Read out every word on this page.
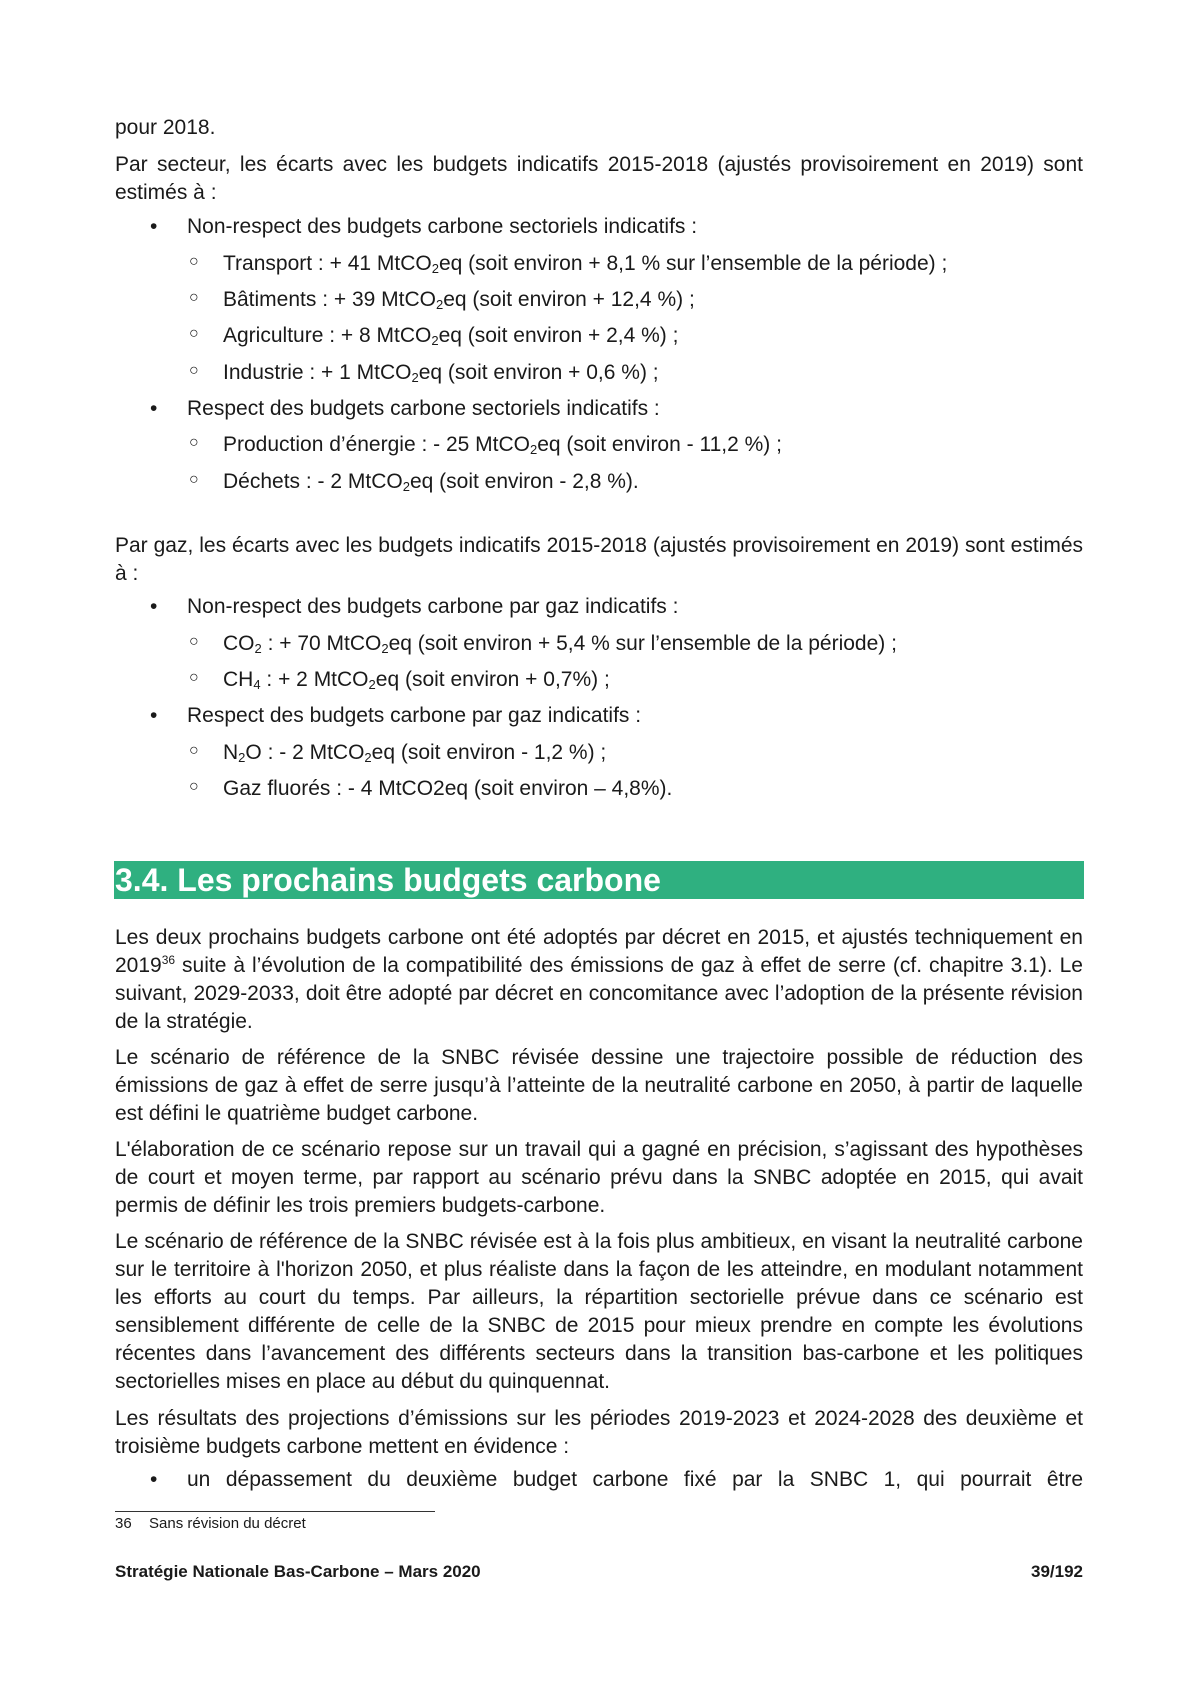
pour 2018.

Par secteur, les écarts avec les budgets indicatifs 2015-2018 (ajustés provisoirement en 2019) sont estimés à :

• Non-respect des budgets carbone sectoriels indicatifs :
○ Transport : + 41 MtCO$_2$eq (soit environ + 8,1 % sur l’ensemble de la période) ;
○ Bâtiments : + 39 MtCO$_2$eq (soit environ + 12,4 %) ;
○ Agriculture : + 8 MtCO$_2$eq (soit environ + 2,4 %) ;
○ Industrie : + 1 MtCO$_2$eq (soit environ + 0,6 %) ;
• Respect des budgets carbone sectoriels indicatifs :
○ Production d’énergie : - 25 MtCO$_2$eq (soit environ - 11,2 %) ;
○ Déchets : - 2 MtCO$_2$eq (soit environ - 2,8 %).

Par gaz, les écarts avec les budgets indicatifs 2015-2018 (ajustés provisoirement en 2019) sont estimés à :

• Non-respect des budgets carbone par gaz indicatifs :
○ $CO_2$ : + 70 MtCO$_2$eq (soit environ + 5,4 % sur l’ensemble de la période) ;
○ $CH_4$ : + 2 MtCO$_2$eq (soit environ + 0,7%) ;
• Respect des budgets carbone par gaz indicatifs :
○ $N_2O$ : - 2 MtCO$_2$eq (soit environ - 1,2 %) ;
○ Gaz fluorés : - 4 MtCO2eq (soit environ – 4,8%).
3.4. Les prochains budgets carbone

Les deux prochains budgets carbone ont été adoptés par décret en 2015, et ajustés techniquement en 2019$^{36}$ suite à l’évolution de la compatibilité des émissions de gaz à effet de serre (cf. chapitre 3.1). Le suivant, 2029-2033, doit être adopté par décret en concomitance avec l’adoption de la présente révision de la stratégie.

Le scénario de référence de la SNBC révisée dessine une trajectoire possible de réduction des émissions de gaz à effet de serre jusqu’à l’atteinte de la neutralité carbone en 2050, à partir de laquelle est défini le quatrième budget carbone.

L'élaboration de ce scénario repose sur un travail qui a gagné en précision, s’agissant des hypothèses de court et moyen terme, par rapport au scénario prévu dans la SNBC adoptée en 2015, qui avait permis de définir les trois premiers budgets-carbone.

Le scénario de référence de la SNBC révisée est à la fois plus ambitieux, en visant la neutralité carbone sur le territoire à l'horizon 2050, et plus réaliste dans la façon de les atteindre, en modulant notamment les efforts au court du temps. Par ailleurs, la répartition sectorielle prévue dans ce scénario est sensiblement différente de celle de la SNBC de 2015 pour mieux prendre en compte les évolutions récentes dans l’avancement des différents secteurs dans la transition bas-carbone et les politiques sectorielles mises en place au début du quinquennat.

Les résultats des projections d’émissions sur les périodes 2019-2023 et 2024-2028 des deuxième et troisième budgets carbone mettent en évidence :

• un dépassement du deuxième budget carbone fixé par la SNBC 1, qui pourrait être
36 Sans révision du décret
Stratégie Nationale Bas-Carbone – Mars 2020	39/192
